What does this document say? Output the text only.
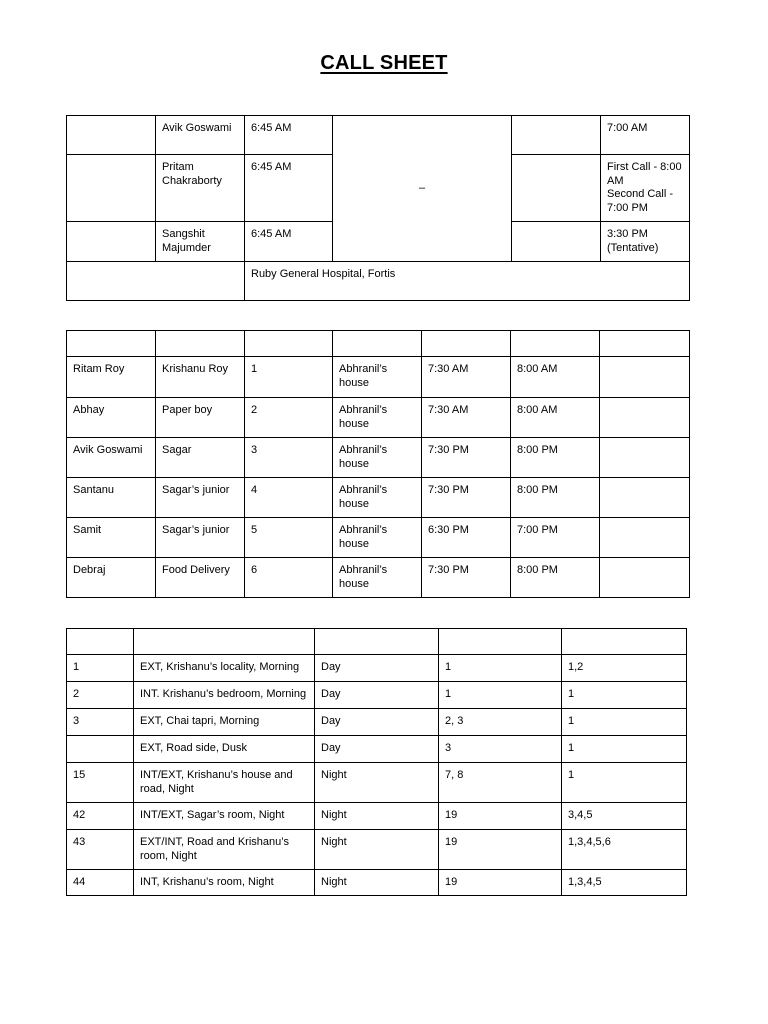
CALL SHEET
	Avik Goswami	6:45 AM	–		7:00 AM
	Pritam Chakraborty	6:45 AM			First Call - 8:00 AM
Second Call - 7:00 PM
	Sangshit Majumder	6:45 AM			3:30 PM (Tentative)
		Ruby General Hospital, Fortis			

Ritam Roy	Krishanu Roy	1	Abhranil’s house	7:30 AM	8:00 AM	
Abhay	Paper boy	2	Abhranil’s house	7:30 AM	8:00 AM	
Avik Goswami	Sagar	3	Abhranil’s house	7:30 PM	8:00 PM	
Santanu	Sagar’s junior	4	Abhranil’s house	7:30 PM	8:00 PM	
Samit	Sagar’s junior	5	Abhranil’s house	6:30 PM	7:00 PM	
Debraj	Food Delivery	6	Abhranil’s house	7:30 PM	8:00 PM	

1	EXT, Krishanu’s locality, Morning	Day	1	1,2
2	INT. Krishanu’s bedroom, Morning	Day	1	1
3	EXT, Chai tapri, Morning	Day	2, 3	1
	EXT, Road side, Dusk	Day	3	1
15	INT/EXT, Krishanu’s house and road, Night	Night	7, 8	1
42	INT/EXT, Sagar’s room, Night	Night	19	3,4,5
43	EXT/INT, Road and Krishanu’s room, Night	Night	19	1,3,4,5,6
44	INT, Krishanu’s room, Night	Night	19	1,3,4,5
